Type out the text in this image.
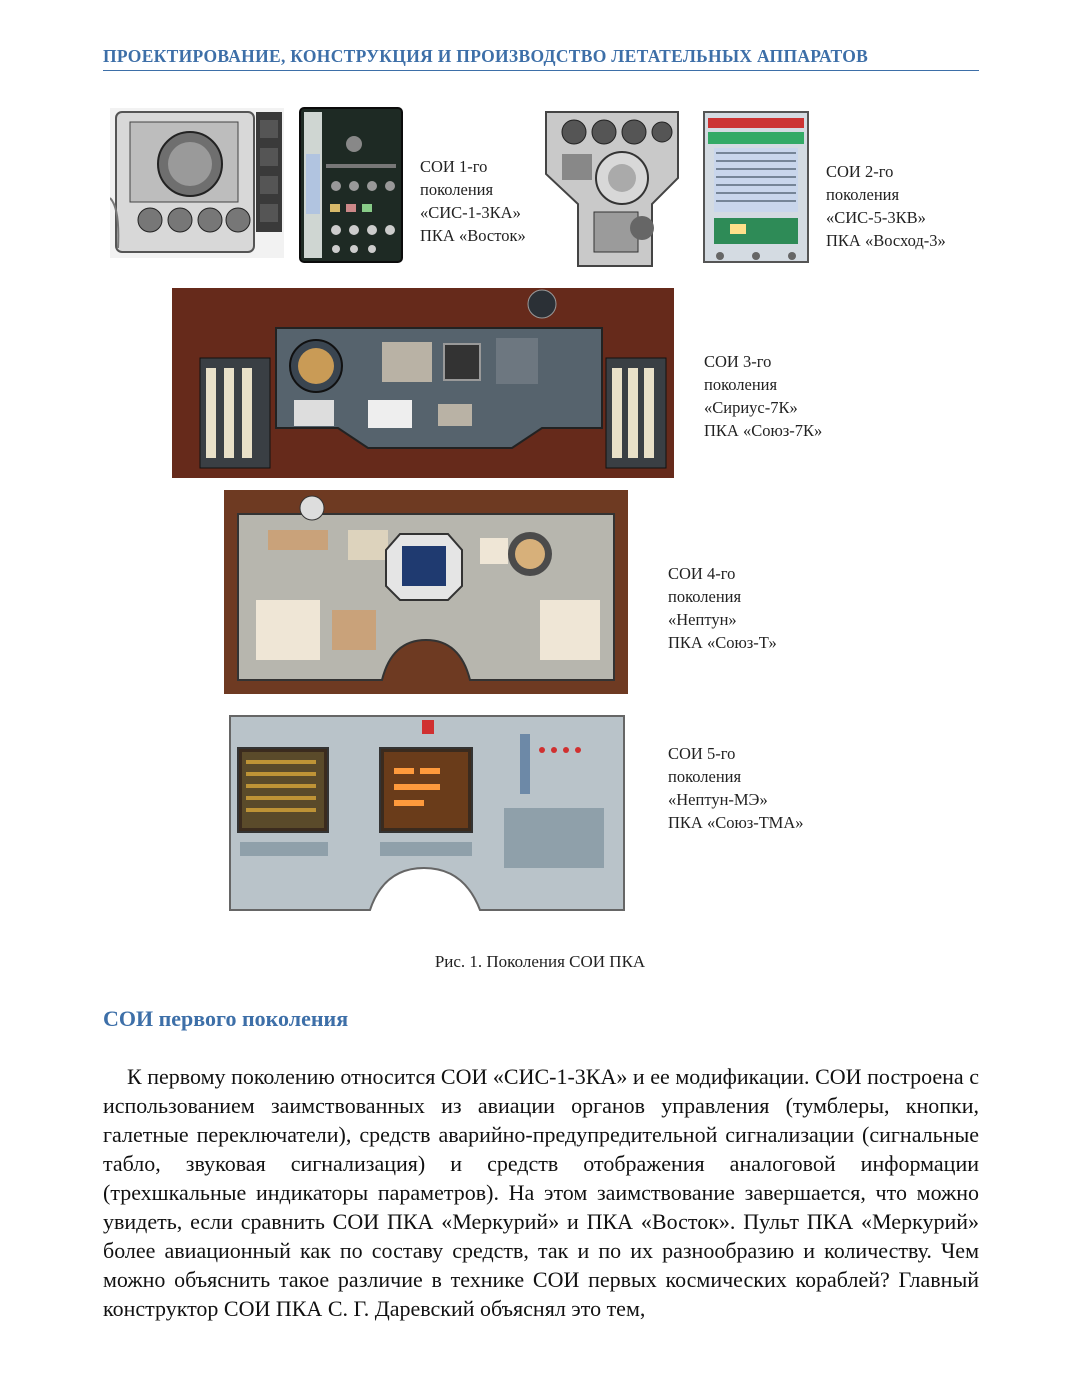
ПРОЕКТИРОВАНИЕ, КОНСТРУКЦИЯ И ПРОИЗВОДСТВО ЛЕТАТЕЛЬНЫХ АППАРАТОВ
СОИ 1-го
поколения
«СИС-1-3КА»
ПКА «Восток»
СОИ 2-го
поколения
«СИС-5-3КВ»
ПКА «Восход-3»
СОИ 3-го
поколения
«Сириус-7К»
ПКА «Союз-7К»
СОИ 4-го
поколения
«Нептун»
ПКА «Союз-Т»
СОИ 5-го
поколения
«Нептун-МЭ»
ПКА «Союз-ТМА»
Рис. 1. Поколения СОИ ПКА
СОИ первого поколения

К первому поколению относится СОИ «СИС-1-3КА» и ее модификации. СОИ построена с использованием заимствованных из авиации органов управления (тумблеры, кнопки, галетные переключатели), средств аварийно-предупредительной сигнализации (сигнальные табло, звуковая сигнализация) и средств отображения аналоговой информации (трехшкальные индикаторы параметров). На этом заимствование завершается, что можно увидеть, если сравнить СОИ ПКА «Меркурий» и ПКА «Восток». Пульт ПКА «Меркурий» более авиационный как по составу средств, так и по их разнообразию и количеству. Чем можно объяснить такое различие в технике СОИ первых космических кораблей? Главный конструктор СОИ ПКА С. Г. Даревский объяснял это тем,
